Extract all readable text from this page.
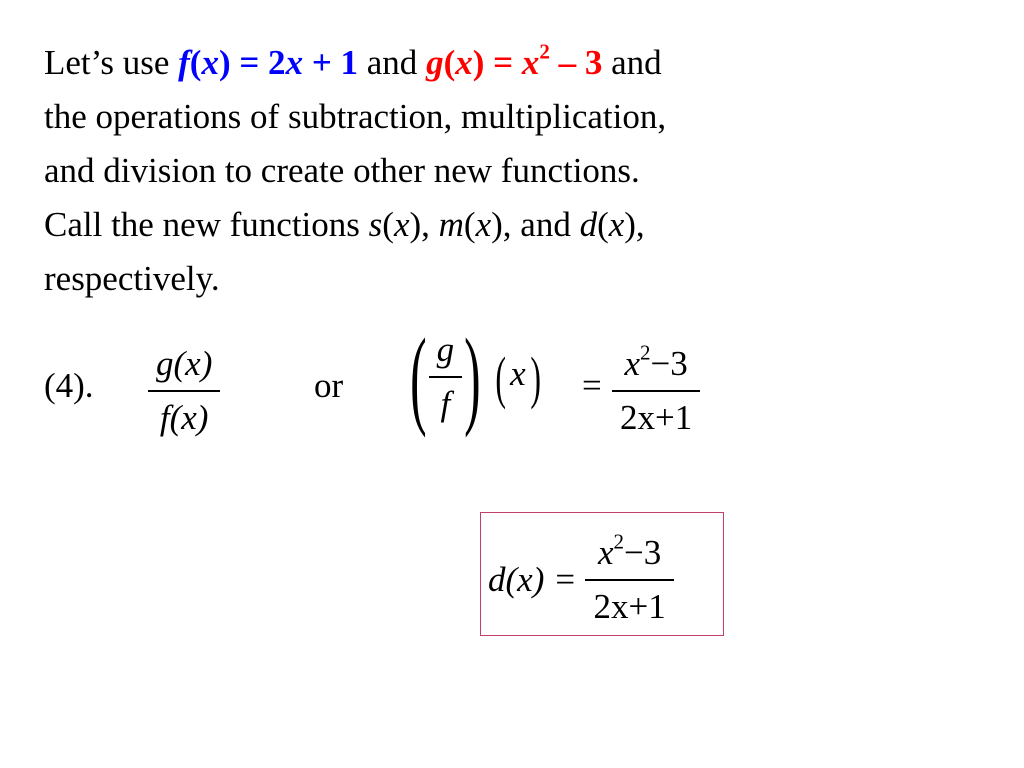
Let’s use f(x) = 2x + 1 and $g(x) = x^2 - 3$ and
the operations of subtraction, multiplication,
and division to create other new functions.
Call the new functions s(x), m(x), and d(x),
respectively.
(4). $\frac{g(x)}{f(x)}$	or ( $\frac{g}{f}$ ) ( $x) = \frac{x^2-3}{2x+1}$
$d(x) = \frac{x^2-3}{2x+1}$
